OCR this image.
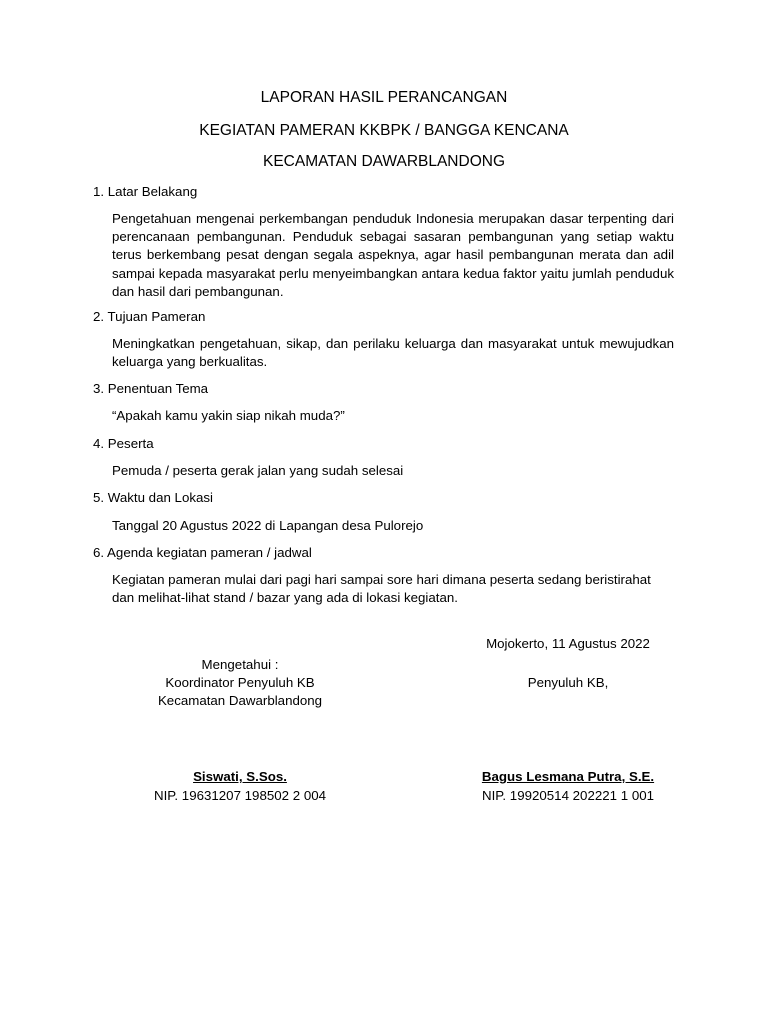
LAPORAN HASIL PERANCANGAN
KEGIATAN PAMERAN KKBPK / BANGGA KENCANA
KECAMATAN DAWARBLANDONG
1. Latar Belakang
Pengetahuan mengenai perkembangan penduduk Indonesia merupakan dasar terpenting dari perencanaan pembangunan. Penduduk sebagai sasaran pembangunan yang setiap waktu terus berkembang pesat dengan segala aspeknya, agar hasil pembangunan merata dan adil sampai kepada masyarakat perlu menyeimbangkan antara kedua faktor yaitu jumlah penduduk dan hasil dari pembangunan.
2. Tujuan Pameran
Meningkatkan pengetahuan, sikap, dan perilaku keluarga dan masyarakat untuk mewujudkan keluarga yang berkualitas.
3. Penentuan Tema
“Apakah kamu yakin siap nikah muda?”
4. Peserta
Pemuda / peserta gerak jalan yang sudah selesai
5. Waktu dan Lokasi
Tanggal 20 Agustus 2022 di Lapangan desa Pulorejo
6. Agenda kegiatan pameran / jadwal
Kegiatan pameran mulai dari pagi hari sampai sore hari dimana peserta sedang beristirahat dan melihat-lihat stand / bazar yang ada di lokasi kegiatan.
Mojokerto, 11 Agustus 2022
Mengetahui :
Koordinator Penyuluh KB
Kecamatan Dawarblandong
Penyuluh KB,
Siswati, S.Sos.
NIP. 19631207 198502 2 004
Bagus Lesmana Putra, S.E.
NIP. 19920514 202221 1 001
